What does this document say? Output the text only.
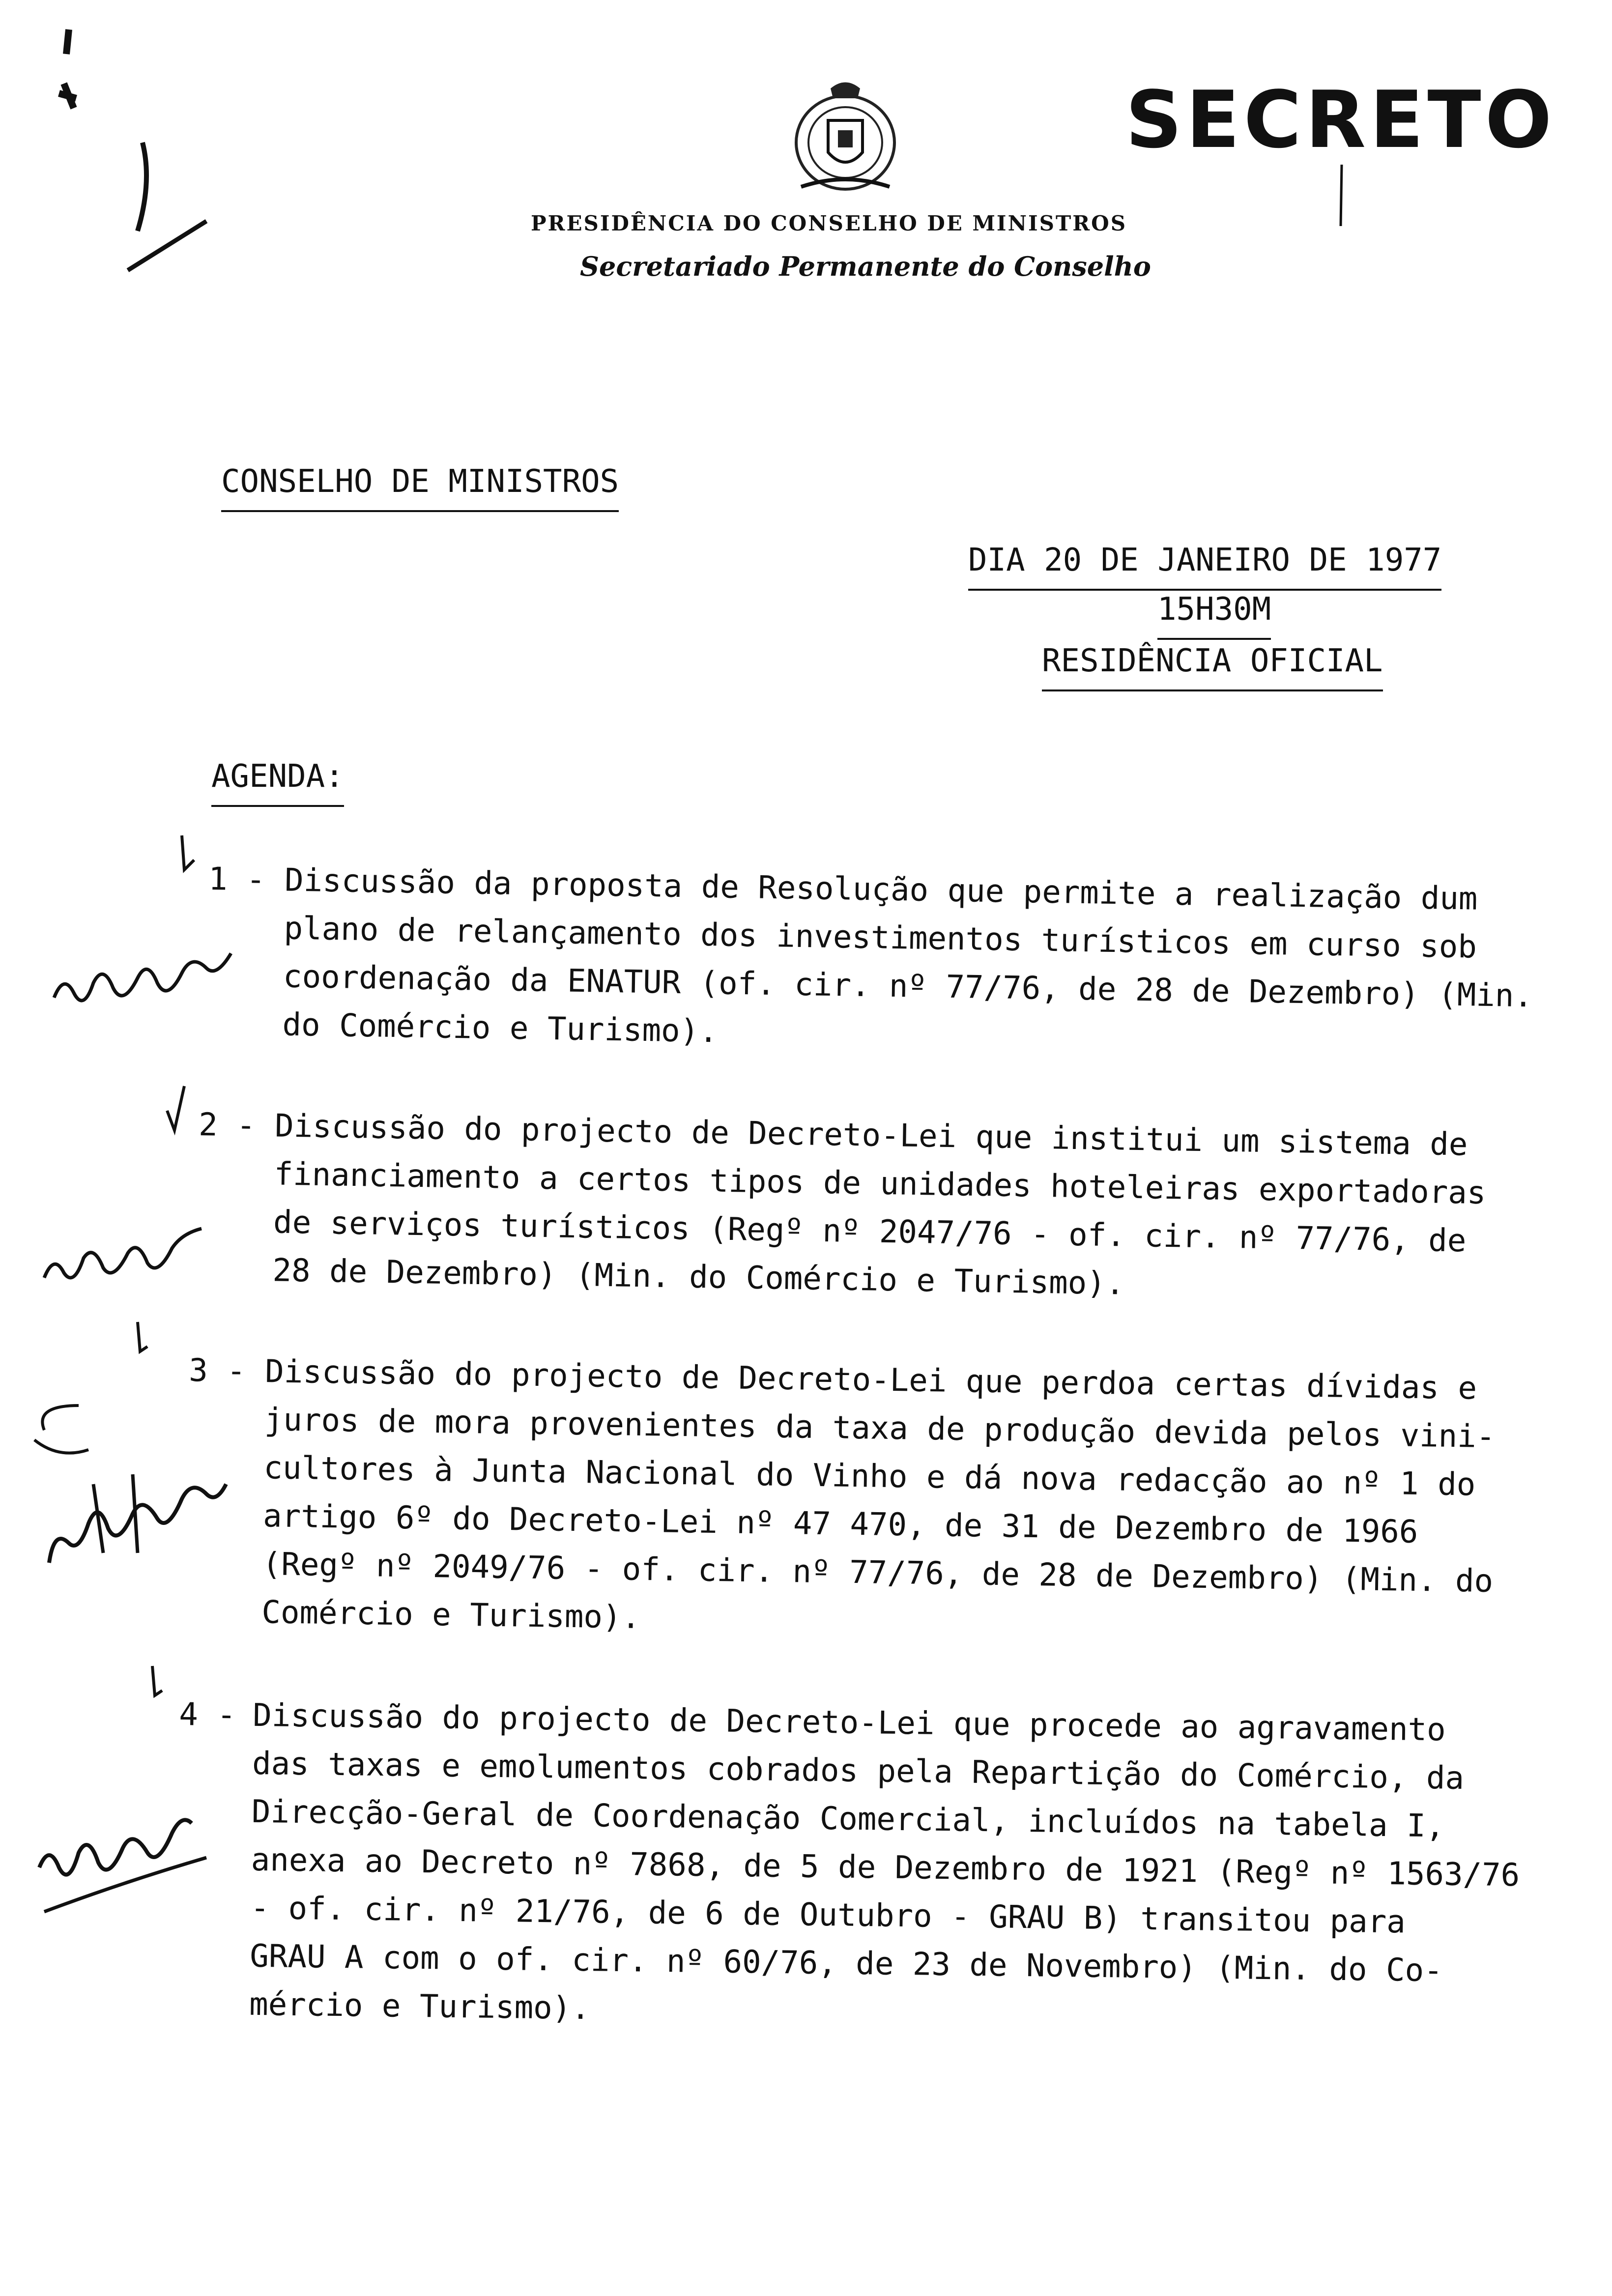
SECRETO
PRESIDÊNCIA DO CONSELHO DE MINISTROS
Secretariado Permanente do Conselho
CONSELHO DE MINISTROS
DIA 20 DE JANEIRO DE 1977
15H30M
RESIDÊNCIA OFICIAL
AGENDA:
1 - Discussão da proposta de Resolução que permite a realização dum
plano de relançamento dos investimentos turísticos em curso sob
coordenação da ENATUR (of. cir. nº 77/76, de 28 de Dezembro) (Min.
do Comércio e Turismo).
2 - Discussão do projecto de Decreto-Lei que institui um sistema de
financiamento a certos tipos de unidades hoteleiras exportadoras
de serviços turísticos (Regº nº 2047/76 - of. cir. nº 77/76, de
28 de Dezembro) (Min. do Comércio e Turismo).
3 - Discussão do projecto de Decreto-Lei que perdoa certas dívidas e
juros de mora provenientes da taxa de produção devida pelos vini-
cultores à Junta Nacional do Vinho e dá nova redacção ao nº 1 do
artigo 6º do Decreto-Lei nº 47 470, de 31 de Dezembro de 1966
(Regº nº 2049/76 - of. cir. nº 77/76, de 28 de Dezembro) (Min. do
Comércio e Turismo).
4 - Discussão do projecto de Decreto-Lei que procede ao agravamento
das taxas e emolumentos cobrados pela Repartição do Comércio, da
Direcção-Geral de Coordenação Comercial, incluídos na tabela I,
anexa ao Decreto nº 7868, de 5 de Dezembro de 1921 (Regº nº 1563/76
- of. cir. nº 21/76, de 6 de Outubro - GRAU B) transitou para
GRAU A com o of. cir. nº 60/76, de 23 de Novembro) (Min. do Co-
mércio e Turismo).
